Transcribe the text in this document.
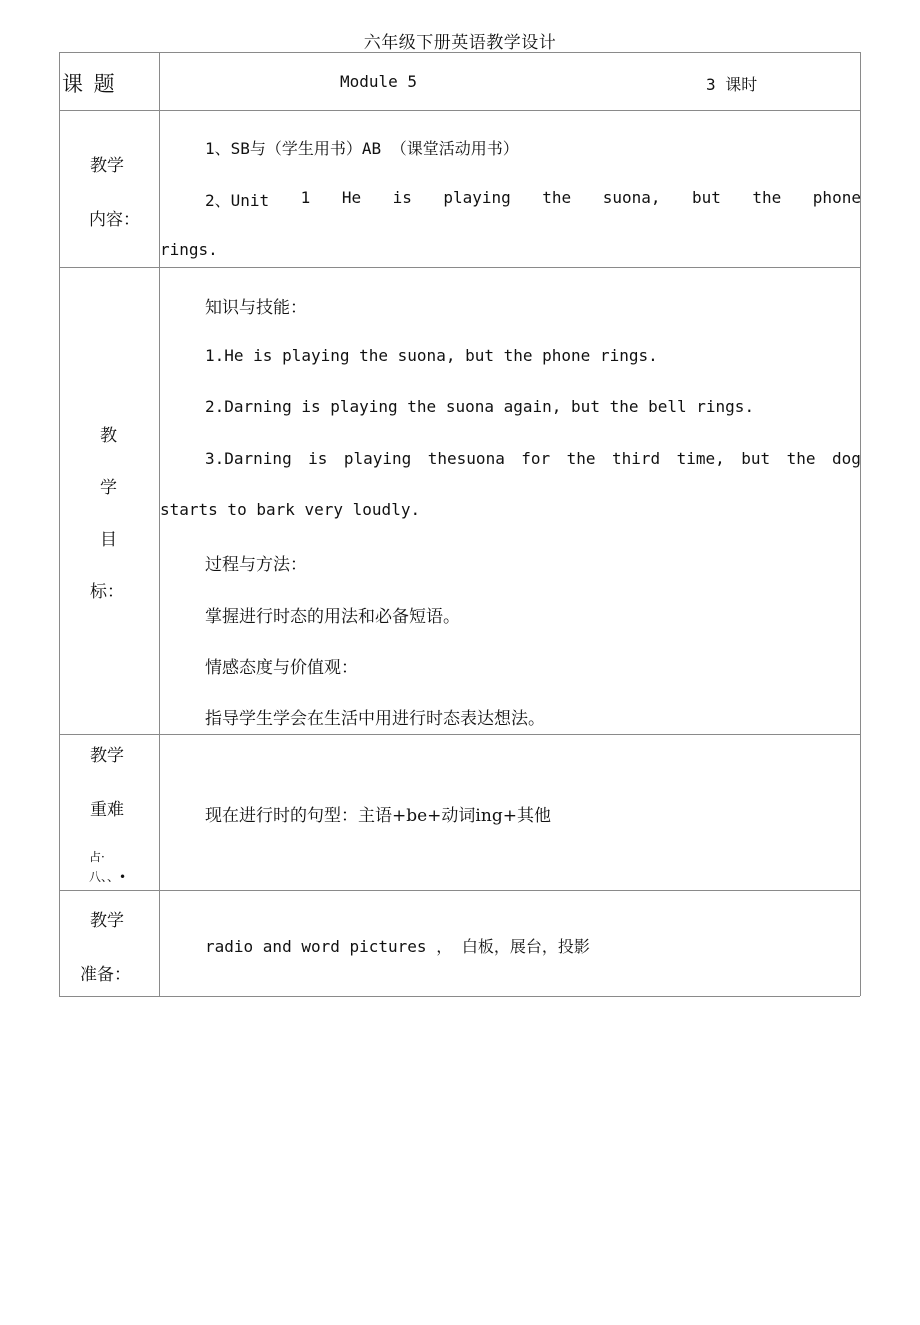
六年级下册英语教学设计
课 题	Module 5	3 课时
教学
内容：
1、SB与（学生用书）AB （课堂活动用书）
2、Unit 1 He is playing the suona, but the phone
rings.
教
学
目
标：
知识与技能：
1.He is playing the suona, but the phone rings.
2.Darning is playing the suona again, but the bell rings.
3.Darning is playing thesuona for the third time, but the dog
starts to bark very loudly.
过程与方法：
掌握进行时态的用法和必备短语。
情感态度与价值观：
指导学生学会在生活中用进行时态表达想法。
教学
重难
占·
八、、•
现在进行时的句型：主语+be+动词ing+其他
教学
准备：
radio and word pictures ， 白板，展台，投影
